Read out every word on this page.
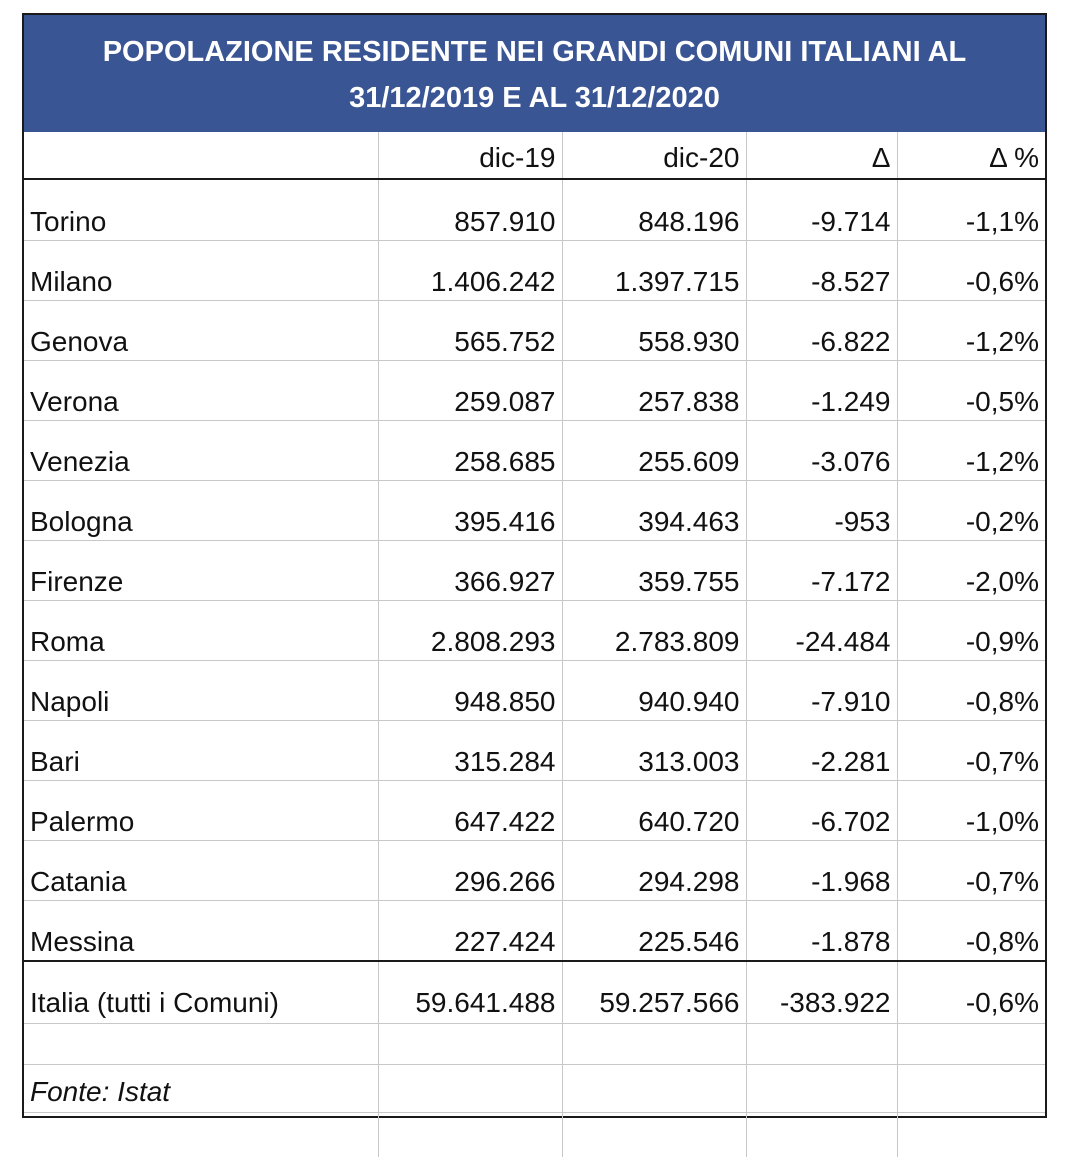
POPOLAZIONE RESIDENTE NEI GRANDI COMUNI ITALIANI AL
31/12/2019 E AL 31/12/2020
	dic-19	dic-20	Δ	Δ %
Torino	857.910	848.196	-9.714	-1,1%
Milano	1.406.242	1.397.715	-8.527	-0,6%
Genova	565.752	558.930	-6.822	-1,2%
Verona	259.087	257.838	-1.249	-0,5%
Venezia	258.685	255.609	-3.076	-1,2%
Bologna	395.416	394.463	-953	-0,2%
Firenze	366.927	359.755	-7.172	-2,0%
Roma	2.808.293	2.783.809	-24.484	-0,9%
Napoli	948.850	940.940	-7.910	-0,8%
Bari	315.284	313.003	-2.281	-0,7%
Palermo	647.422	640.720	-6.702	-1,0%
Catania	296.266	294.298	-1.968	-0,7%
Messina	227.424	225.546	-1.878	-0,8%
Italia (tutti i Comuni)	59.641.488	59.257.566	-383.922	-0,6%

Fonte: Istat				
